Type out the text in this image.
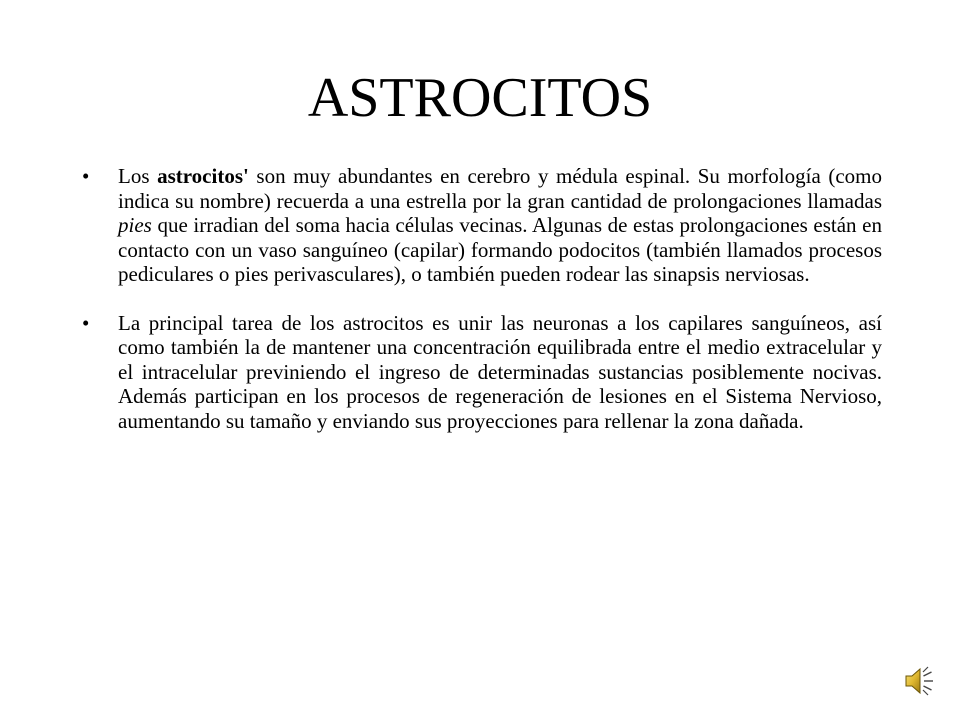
ASTROCITOS
•	Los astrocitos' son muy abundantes en cerebro y médula espinal. Su morfología (como indica su nombre) recuerda a una estrella por la gran cantidad de prolongaciones llamadas pies que irradian del soma hacia células vecinas. Algunas de estas prolongaciones están en contacto con un vaso sanguíneo (capilar) formando podocitos (también llamados procesos pediculares o pies perivasculares), o también pueden rodear las sinapsis nerviosas.
•	La principal tarea de los astrocitos es unir las neuronas a los capilares sanguíneos, así como también la de mantener una concentración equilibrada entre el medio extracelular y el intracelular previniendo el ingreso de determinadas sustancias posiblemente nocivas. Además participan en los procesos de regeneración de lesiones en el Sistema Nervioso, aumentando su tamaño y enviando sus proyecciones para rellenar la zona dañada.
